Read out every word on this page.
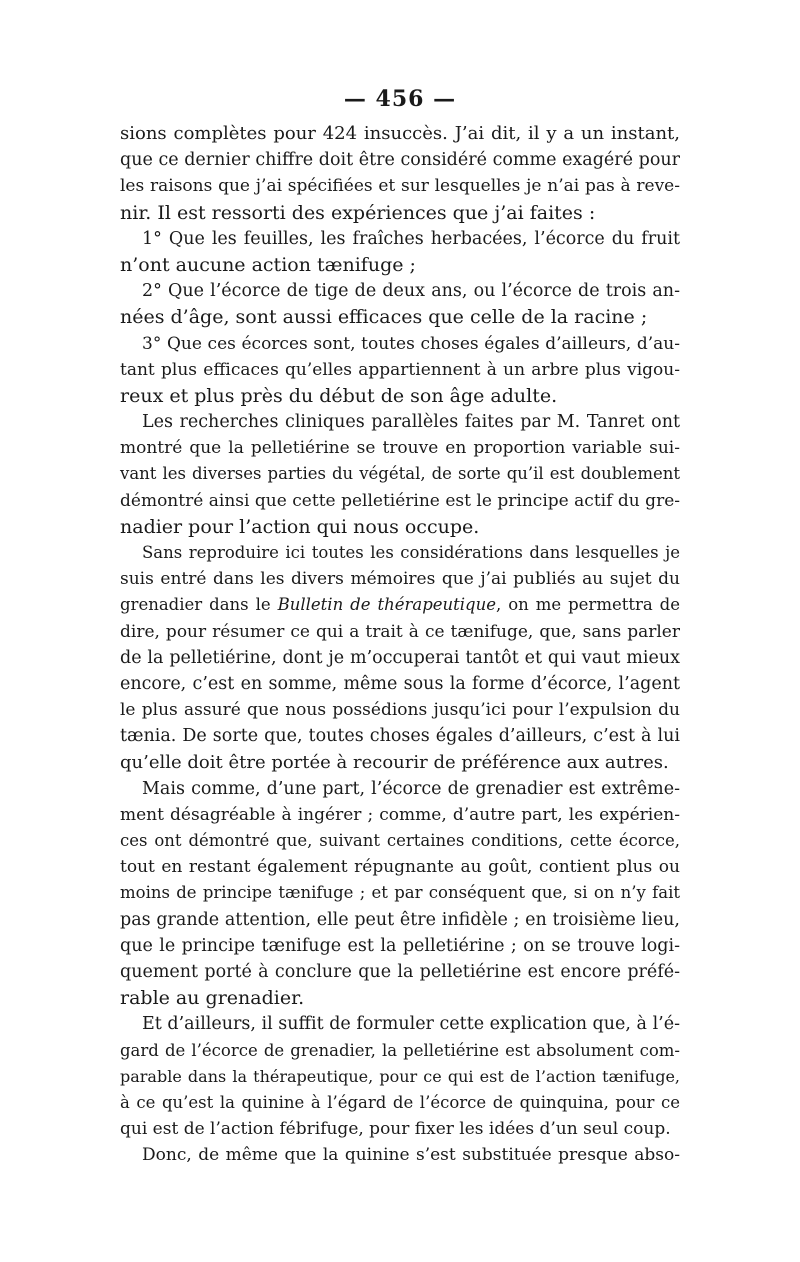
— 456 —
sions complètes pour 424 insuccès. J’ai dit, il y a un instant,
que ce dernier chiffre doit être considéré comme exagéré pour
les raisons que j’ai spécifiées et sur lesquelles je n’ai pas à reve-
nir. Il est ressorti des expériences que j’ai faites :
1° Que les feuilles, les fraîches herbacées, l’écorce du fruit
n’ont aucune action tænifuge ;
2° Que l’écorce de tige de deux ans, ou l’écorce de trois an-
nées d’âge, sont aussi efficaces que celle de la racine ;
3° Que ces écorces sont, toutes choses égales d’ailleurs, d’au-
tant plus efficaces qu’elles appartiennent à un arbre plus vigou-
reux et plus près du début de son âge adulte.
Les recherches cliniques parallèles faites par M. Tanret ont
montré que la pelletiérine se trouve en proportion variable sui-
vant les diverses parties du végétal, de sorte qu’il est doublement
démontré ainsi que cette pelletiérine est le principe actif du gre-
nadier pour l’action qui nous occupe.
Sans reproduire ici toutes les considérations dans lesquelles je
suis entré dans les divers mémoires que j’ai publiés au sujet du
grenadier dans le Bulletin de thérapeutique, on me permettra de
dire, pour résumer ce qui a trait à ce tænifuge, que, sans parler
de la pelletiérine, dont je m’occuperai tantôt et qui vaut mieux
encore, c’est en somme, même sous la forme d’écorce, l’agent
le plus assuré que nous possédions jusqu’ici pour l’expulsion du
tænia. De sorte que, toutes choses égales d’ailleurs, c’est à lui
qu’elle doit être portée à recourir de préférence aux autres.
Mais comme, d’une part, l’écorce de grenadier est extrême-
ment désagréable à ingérer ; comme, d’autre part, les expérien-
ces ont démontré que, suivant certaines conditions, cette écorce,
tout en restant également répugnante au goût, contient plus ou
moins de principe tænifuge ; et par conséquent que, si on n’y fait
pas grande attention, elle peut être infidèle ; en troisième lieu,
que le principe tænifuge est la pelletiérine ; on se trouve logi-
quement porté à conclure que la pelletiérine est encore préfé-
rable au grenadier.
Et d’ailleurs, il suffit de formuler cette explication que, à l’é-
gard de l’écorce de grenadier, la pelletiérine est absolument com-
parable dans la thérapeutique, pour ce qui est de l’action tænifuge,
à ce qu’est la quinine à l’égard de l’écorce de quinquina, pour ce
qui est de l’action fébrifuge, pour fixer les idées d’un seul coup.
Donc, de même que la quinine s’est substituée presque abso-
